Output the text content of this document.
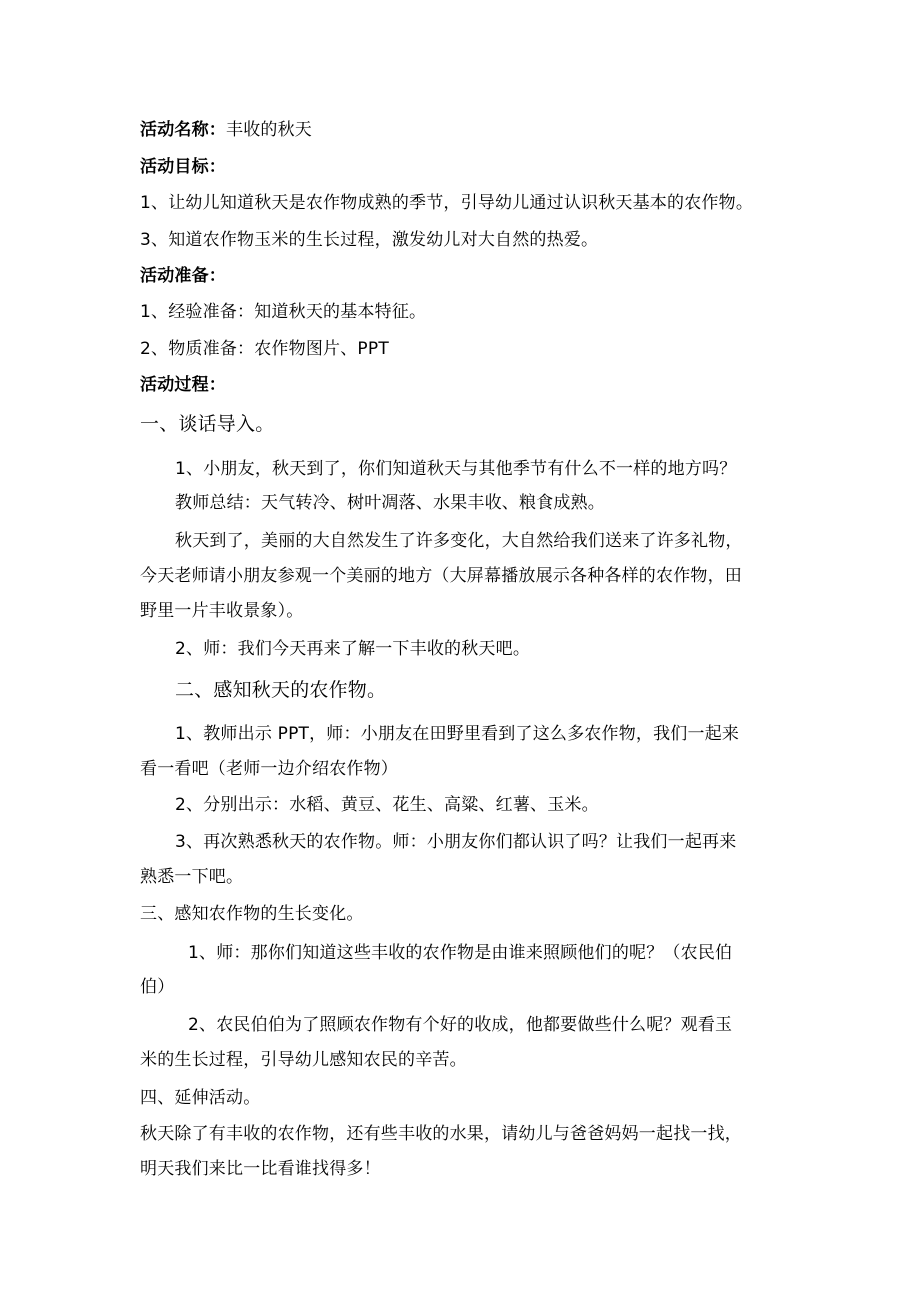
活动名称：丰收的秋天
活动目标：
1、让幼儿知道秋天是农作物成熟的季节，引导幼儿通过认识秋天基本的农作物。
3、知道农作物玉米的生长过程，激发幼儿对大自然的热爱。
活动准备：
1、经验准备：知道秋天的基本特征。
2、物质准备：农作物图片、PPT
活动过程：
一、谈话导入。
1、小朋友，秋天到了，你们知道秋天与其他季节有什么不一样的地方吗？
教师总结：天气转冷、树叶凋落、水果丰收、粮食成熟。
秋天到了，美丽的大自然发生了许多变化，大自然给我们送来了许多礼物，
今天老师请小朋友参观一个美丽的地方（大屏幕播放展示各种各样的农作物，田
野里一片丰收景象）。
2、师：我们今天再来了解一下丰收的秋天吧。
二、感知秋天的农作物。
1、教师出示 PPT，师：小朋友在田野里看到了这么多农作物，我们一起来
看一看吧（老师一边介绍农作物）
2、分别出示：水稻、黄豆、花生、高粱、红薯、玉米。
3、再次熟悉秋天的农作物。师：小朋友你们都认识了吗？让我们一起再来
熟悉一下吧。
三、感知农作物的生长变化。
1、师：那你们知道这些丰收的农作物是由谁来照顾他们的呢？（农民伯
伯）
2、农民伯伯为了照顾农作物有个好的收成，他都要做些什么呢？观看玉
米的生长过程，引导幼儿感知农民的辛苦。
四、延伸活动。
秋天除了有丰收的农作物，还有些丰收的水果，请幼儿与爸爸妈妈一起找一找，
明天我们来比一比看谁找得多！
